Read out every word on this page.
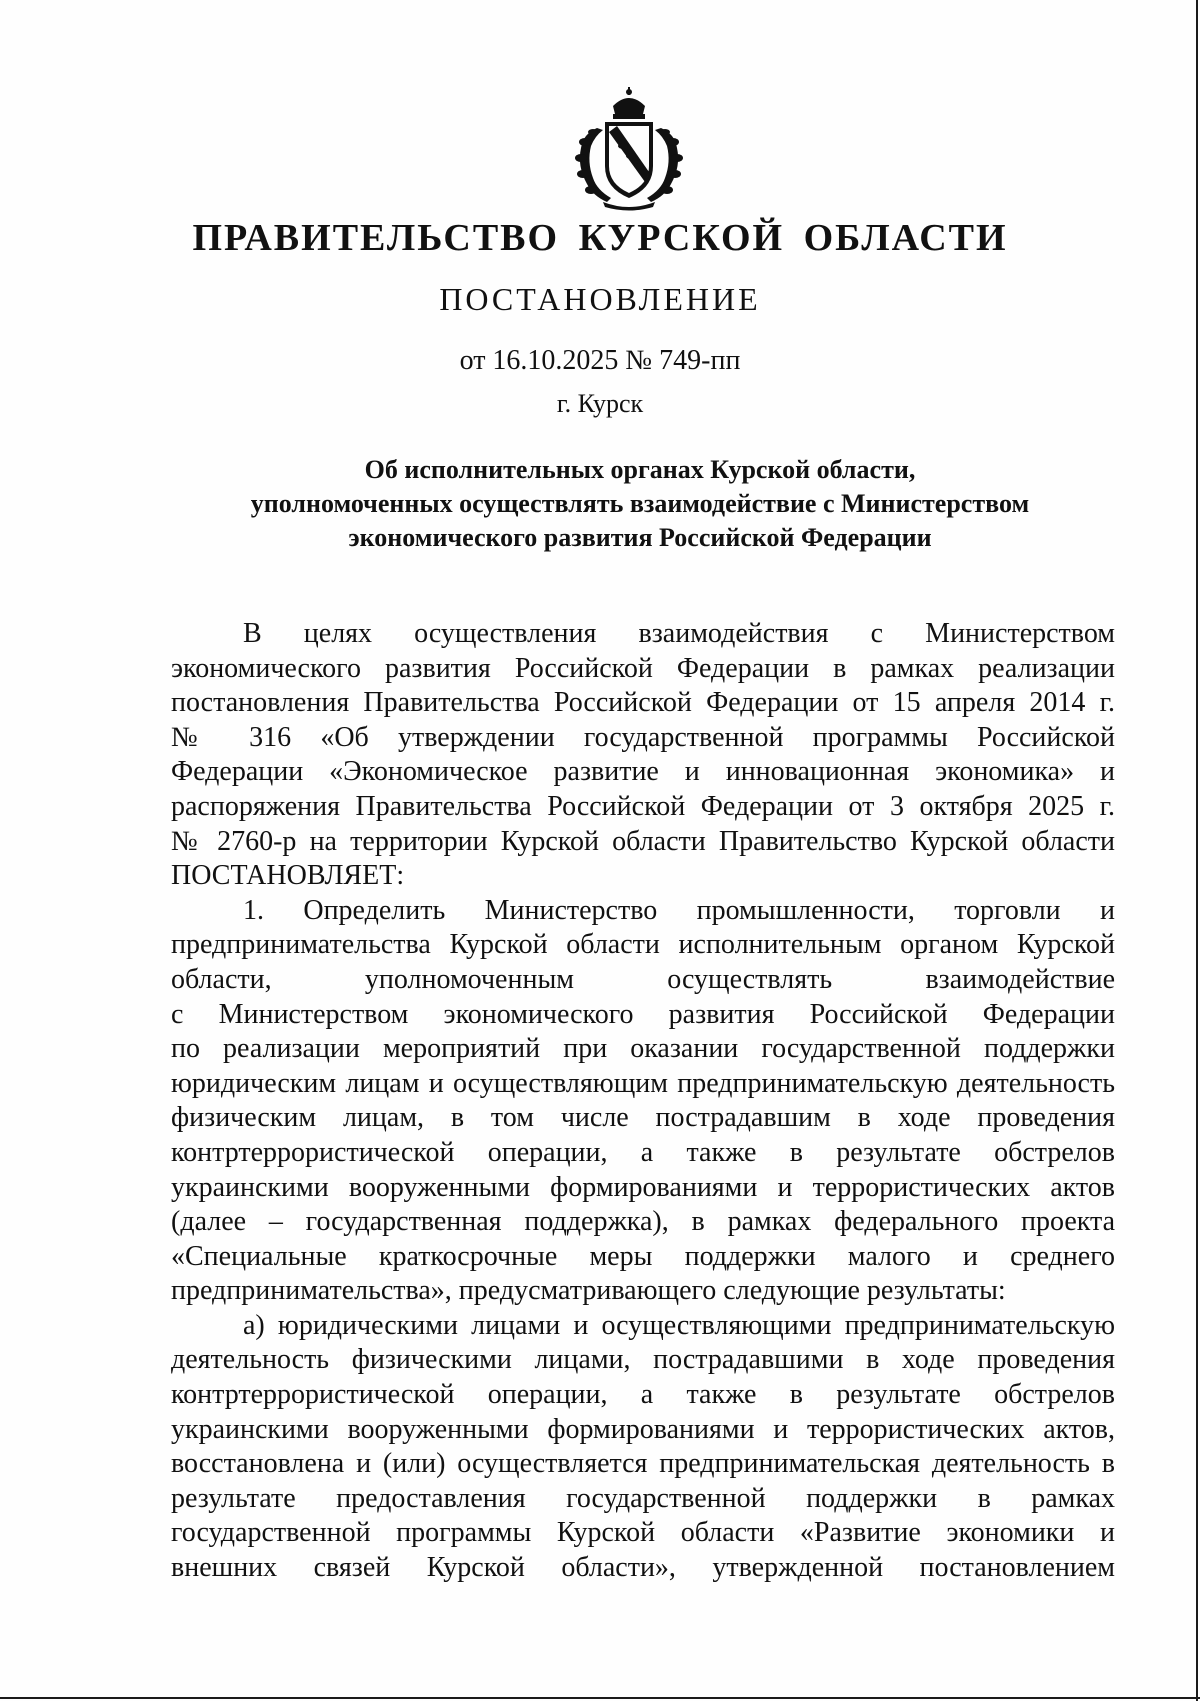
ПРАВИТЕЛЬСТВО КУРСКОЙ ОБЛАСТИ
ПОСТАНОВЛЕНИЕ
от 16.10.2025 № 749-пп
г. Курск
Об исполнительных органах Курской области,
уполномоченных осуществлять взаимодействие с Министерством
экономического развития Российской Федерации
В целях осуществления взаимодействия с Министерством
экономического развития Российской Федерации в рамках реализации
постановления Правительства Российской Федерации от 15 апреля 2014 г.
№ 316 «Об утверждении государственной программы Российской
Федерации «Экономическое развитие и инновационная экономика» и
распоряжения Правительства Российской Федерации от 3 октября 2025 г.
№ 2760-р на территории Курской области Правительство Курской области
ПОСТАНОВЛЯЕТ:
1. Определить Министерство промышленности, торговли и
предпринимательства Курской области исполнительным органом Курской
области, уполномоченным осуществлять взаимодействие
с Министерством экономического развития Российской Федерации
по реализации мероприятий при оказании государственной поддержки
юридическим лицам и осуществляющим предпринимательскую деятельность
физическим лицам, в том числе пострадавшим в ходе проведения
контртеррористической операции, а также в результате обстрелов
украинскими вооруженными формированиями и террористических актов
(далее – государственная поддержка), в рамках федерального проекта
«Специальные краткосрочные меры поддержки малого и среднего
предпринимательства», предусматривающего следующие результаты:
а) юридическими лицами и осуществляющими предпринимательскую
деятельность физическими лицами, пострадавшими в ходе проведения
контртеррористической операции, а также в результате обстрелов
украинскими вооруженными формированиями и террористических актов,
восстановлена и (или) осуществляется предпринимательская деятельность в
результате предоставления государственной поддержки в рамках
государственной программы Курской области «Развитие экономики и
внешних связей Курской области», утвержденной постановлением
